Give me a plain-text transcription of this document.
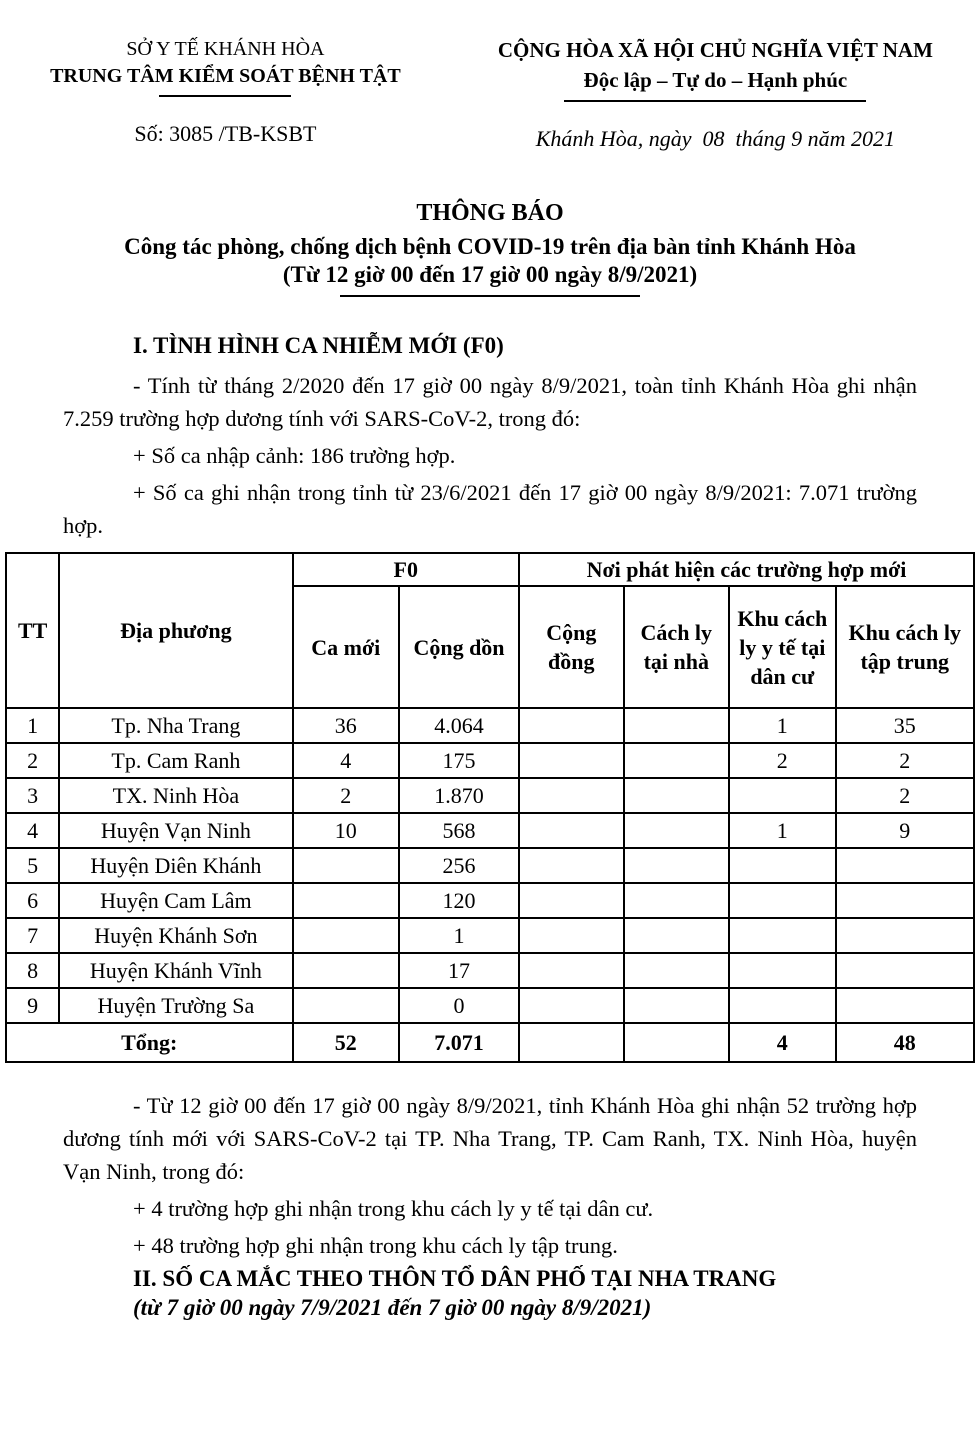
SỞ Y TẾ KHÁNH HÒA
TRUNG TÂM KIỂM SOÁT BỆNH TẬT
Số: 3085 /TB-KSBT
CỘNG HÒA XÃ HỘI CHỦ NGHĨA VIỆT NAM
Độc lập – Tự do – Hạnh phúc
Khánh Hòa, ngày  08  tháng 9 năm 2021
THÔNG BÁO
Công tác phòng, chống dịch bệnh COVID-19 trên địa bàn tỉnh Khánh Hòa
(Từ 12 giờ 00 đến 17 giờ 00 ngày 8/9/2021)
I. TÌNH HÌNH CA NHIỄM MỚI (F0)

- Tính từ tháng 2/2020 đến 17 giờ 00 ngày 8/9/2021, toàn tỉnh Khánh Hòa ghi nhận 7.259 trường hợp dương tính với SARS-CoV-2, trong đó:

+ Số ca nhập cảnh: 186 trường hợp.

+ Số ca ghi nhận trong tỉnh từ 23/6/2021 đến 17 giờ 00 ngày 8/9/2021: 7.071 trường hợp.

TT	Địa phương	F0		Nơi phát hiện các trường hợp mới			
		Ca mới	Cộng dồn	Cộng đồng	Cách ly tại nhà	Khu cách ly y tế tại dân cư	Khu cách ly tập trung
1	Tp. Nha Trang	36	4.064			1	35
2	Tp. Cam Ranh	4	175			2	2
3	TX. Ninh Hòa	2	1.870				2
4	Huyện Vạn Ninh	10	568			1	9
5	Huyện Diên Khánh		256				
6	Huyện Cam Lâm		120				
7	Huyện Khánh Sơn		1				
8	Huyện Khánh Vĩnh		17				
9	Huyện Trường Sa		0				
Tổng:		52	7.071			4	48

- Từ 12 giờ 00 đến 17 giờ 00 ngày 8/9/2021, tỉnh Khánh Hòa ghi nhận 52 trường hợp dương tính mới với SARS-CoV-2 tại TP. Nha Trang, TP. Cam Ranh, TX. Ninh Hòa, huyện Vạn Ninh, trong đó:

+ 4 trường hợp ghi nhận trong khu cách ly y tế tại dân cư.

+ 48 trường hợp ghi nhận trong khu cách ly tập trung.

II. SỐ CA MẮC THEO THÔN TỔ DÂN PHỐ TẠI NHA TRANG
(từ 7 giờ 00 ngày 7/9/2021 đến 7 giờ 00 ngày 8/9/2021)
